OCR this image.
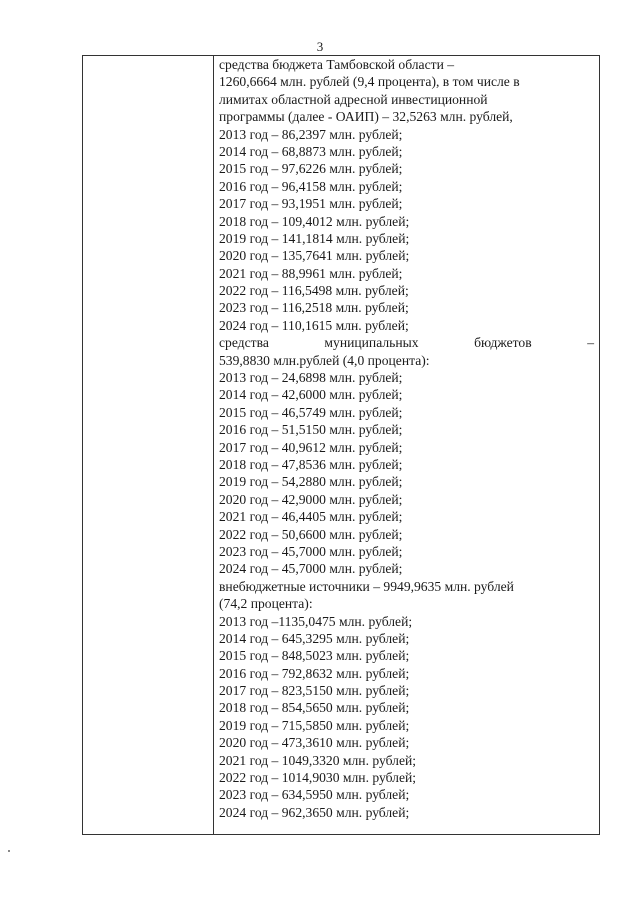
3
средства бюджета Тамбовской области –
1260,6664 млн. рублей (9,4 процента), в том числе в
лимитах областной адресной инвестиционной
программы (далее - ОАИП) – 32,5263 млн. рублей,
2013 год – 86,2397 млн. рублей;
2014 год – 68,8873 млн. рублей;
2015 год – 97,6226 млн. рублей;
2016 год – 96,4158 млн. рублей;
2017 год – 93,1951 млн. рублей;
2018 год – 109,4012 млн. рублей;
2019 год – 141,1814 млн. рублей;
2020 год – 135,7641 млн. рублей;
2021 год – 88,9961 млн. рублей;
2022 год – 116,5498 млн. рублей;
2023 год – 116,2518 млн. рублей;
2024 год – 110,1615 млн. рублей;
средства	муниципальных	бюджетов	–
539,8830 млн.рублей (4,0 процента):
2013 год – 24,6898 млн. рублей;
2014 год – 42,6000 млн. рублей;
2015 год – 46,5749 млн. рублей;
2016 год – 51,5150 млн. рублей;
2017 год – 40,9612 млн. рублей;
2018 год – 47,8536 млн. рублей;
2019 год – 54,2880 млн. рублей;
2020 год – 42,9000 млн. рублей;
2021 год – 46,4405 млн. рублей;
2022 год – 50,6600 млн. рублей;
2023 год – 45,7000 млн. рублей;
2024 год – 45,7000 млн. рублей;
внебюджетные источники – 9949,9635 млн. рублей
(74,2 процента):
2013 год –1135,0475 млн. рублей;
2014 год – 645,3295 млн. рублей;
2015 год – 848,5023 млн. рублей;
2016 год – 792,8632 млн. рублей;
2017 год – 823,5150 млн. рублей;
2018 год – 854,5650 млн. рублей;
2019 год – 715,5850 млн. рублей;
2020 год – 473,3610 млн. рублей;
2021 год – 1049,3320 млн. рублей;
2022 год – 1014,9030 млн. рублей;
2023 год – 634,5950 млн. рублей;
2024 год – 962,3650 млн. рублей;
